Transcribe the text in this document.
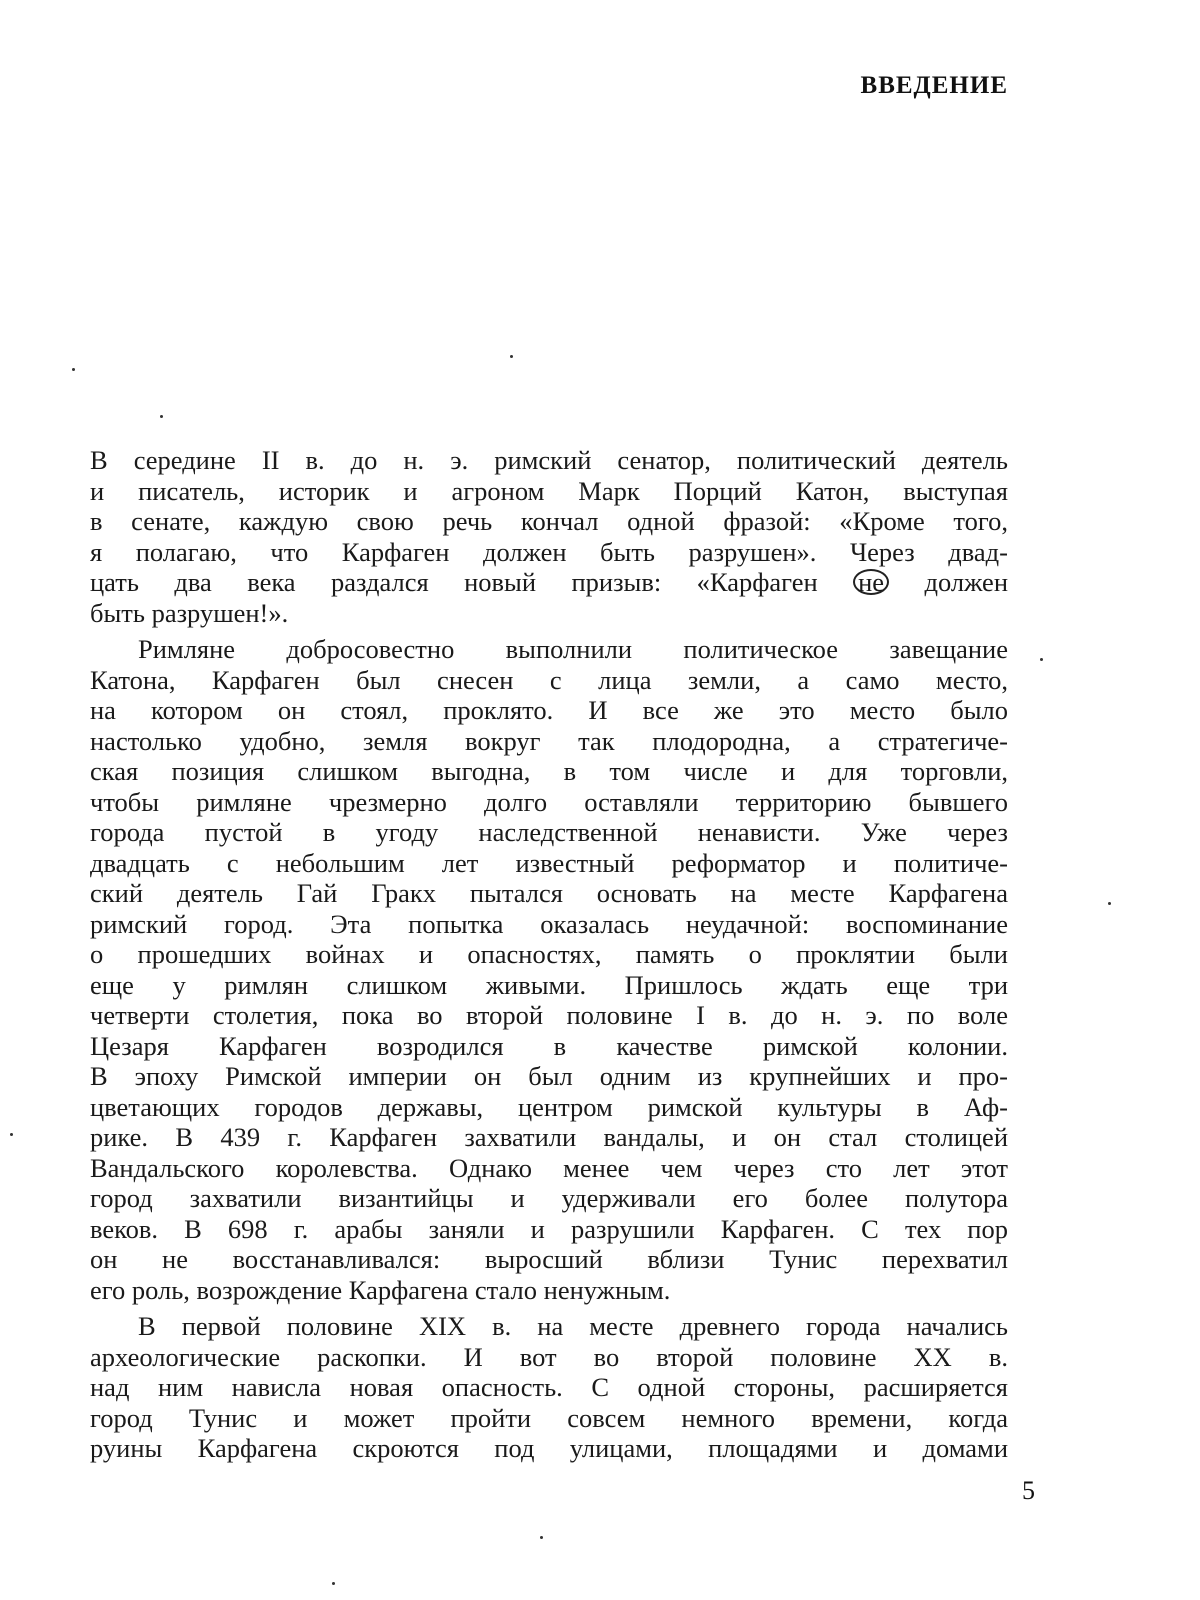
ВВЕДЕНИЕ
В середине II в. до н. э. римский сенатор, политический деятель
и писатель, историк и агроном Марк Порций Катон, выступая
в сенате, каждую свою речь кончал одной фразой: «Кроме того,
я полагаю, что Карфаген должен быть разрушен». Через двад-
цать два века раздался новый призыв: «Карфаген не должен
быть разрушен!».
Римляне добросовестно выполнили политическое завещание
Катона, Карфаген был снесен с лица земли, а само место,
на котором он стоял, проклято. И все же это место было
настолько удобно, земля вокруг так плодородна, а стратегиче-
ская позиция слишком выгодна, в том числе и для торговли,
чтобы римляне чрезмерно долго оставляли территорию бывшего
города пустой в угоду наследственной ненависти. Уже через
двадцать с небольшим лет известный реформатор и политиче-
ский деятель Гай Гракх пытался основать на месте Карфагена
римский город. Эта попытка оказалась неудачной: воспоминание
о прошедших войнах и опасностях, память о проклятии были
еще у римлян слишком живыми. Пришлось ждать еще три
четверти столетия, пока во второй половине I в. до н. э. по воле
Цезаря Карфаген возродился в качестве римской колонии.
В эпоху Римской империи он был одним из крупнейших и про-
цветающих городов державы, центром римской культуры в Аф-
рике. В 439 г. Карфаген захватили вандалы, и он стал столицей
Вандальского королевства. Однако менее чем через сто лет этот
город захватили византийцы и удерживали его более полутора
веков. В 698 г. арабы заняли и разрушили Карфаген. С тех пор
он не восстанавливался: выросший вблизи Тунис перехватил
его роль, возрождение Карфагена стало ненужным.
В первой половине XIX в. на месте древнего города начались
археологические раскопки. И вот во второй половине XX в.
над ним нависла новая опасность. С одной стороны, расширяется
город Тунис и может пройти совсем немного времени, когда
руины Карфагена скроются под улицами, площадями и домами
5
